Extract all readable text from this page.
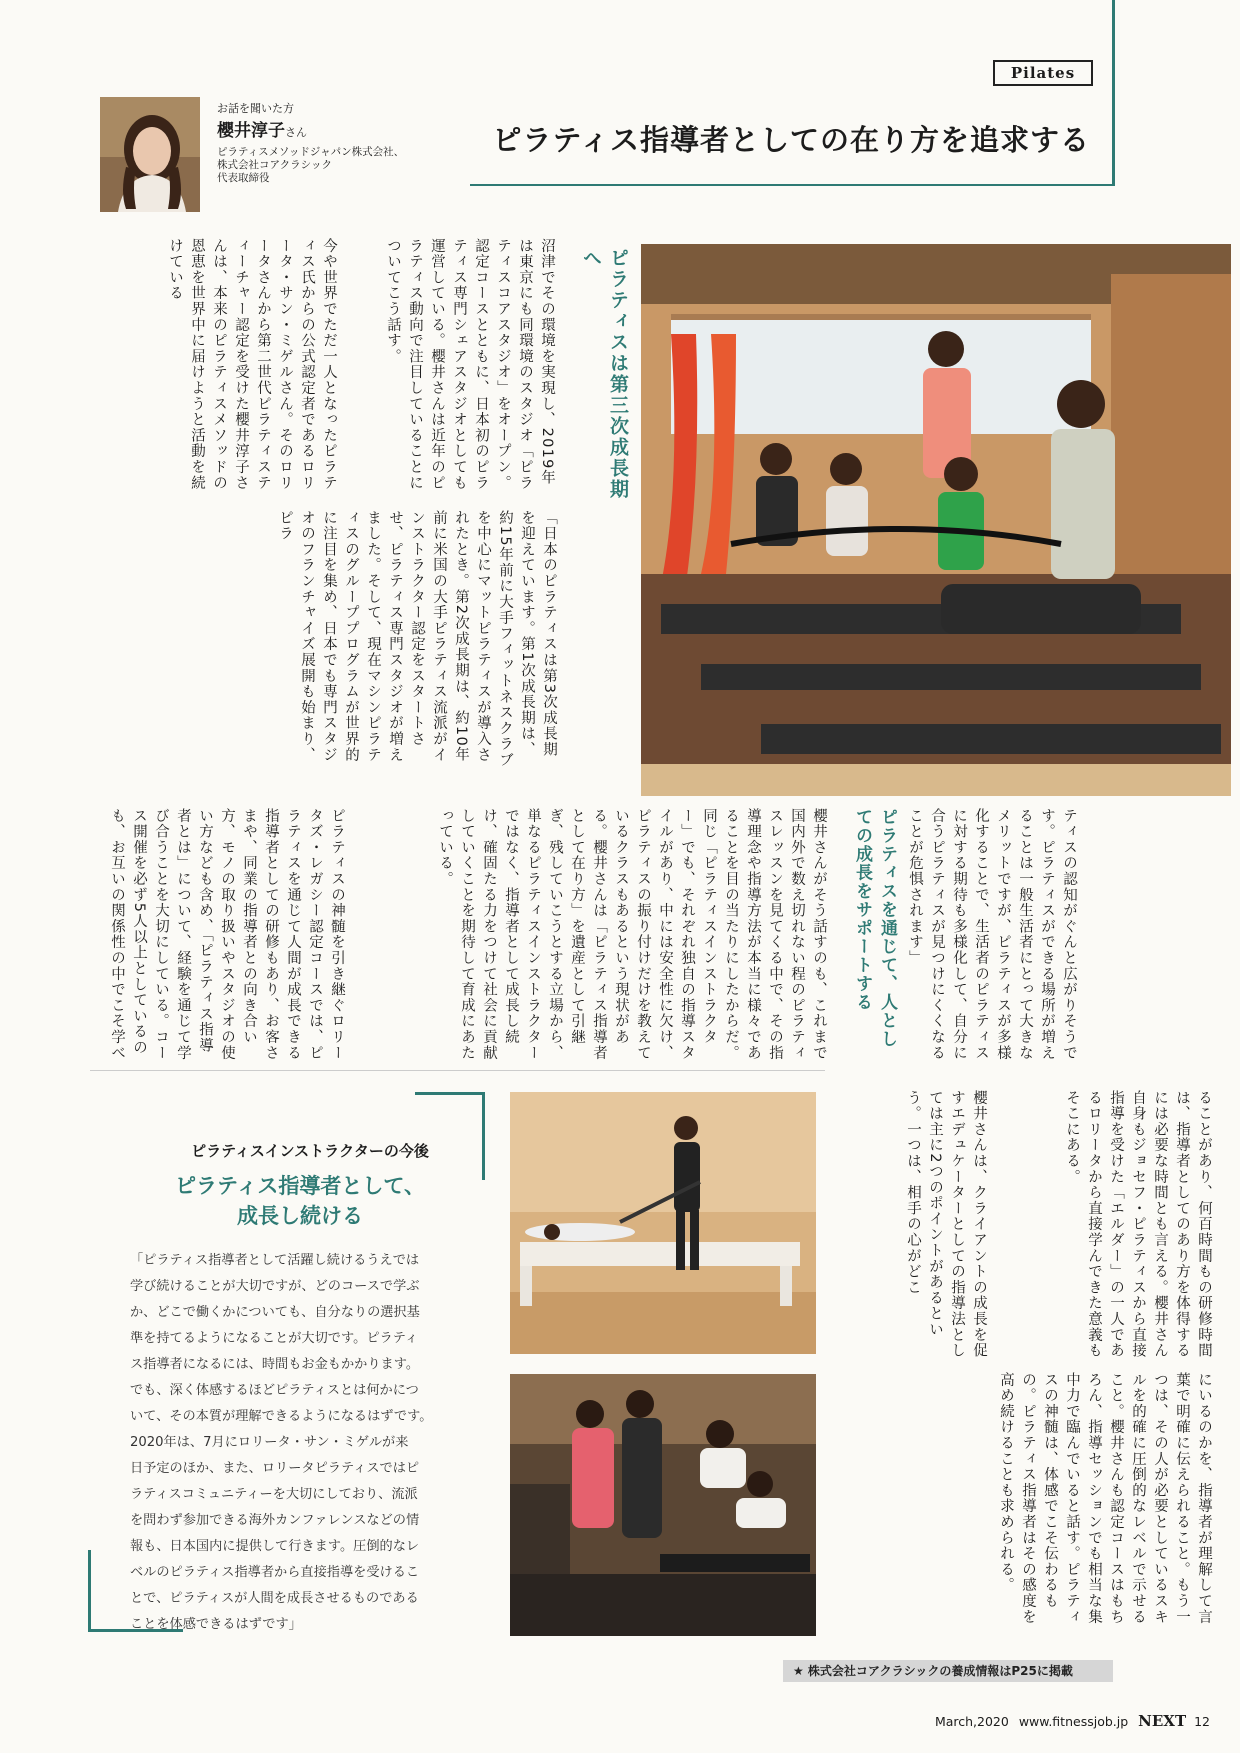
Pilates
お話を聞いた方
櫻井淳子さん
ピラティスメソッドジャパン株式会社、
株式会社コアクラシック
代表取締役
ピラティス指導者としての在り方を追求する
ピラティスは第三次成長期へ
今や世界でただ一人となったピラティス氏からの公式認定者であるロリータ・サン・ミゲルさん。そのロリータさんから第二世代ピラティスティーチャー認定を受けた櫻井淳子さんは、本来のピラティスメソッドの恩恵を世界中に届けようと活動を続けている
「日本のピラティスは第3次成長期を迎えています。第1次成長期は、約15年前に大手フィットネスクラブを中心にマットピラティスが導入されたとき。第2次成長期は、約10年前に米国の大手ピラティス流派がインストラクター認定をスタートさせ、ピラティス専門スタジオが増えました。そして、現在マシンピラティスのグループプログラムが世界的に注目を集め、日本でも専門スタジオのフランチャイズ展開も始まり、ピラ
沼津でその環境を実現し、2019年は東京にも同環境のスタジオ「ピラティスコアスタジオ」をオープン。認定コースとともに、日本初のピラティス専門シェアスタジオとしても運営している。櫻井さんは近年のピラティス動向で注目していることについてこう話す。
ティスの認知がぐんと広がりそうです。ピラティスができる場所が増えることは一般生活者にとって大きなメリットですが、ピラティスが多様化することで、生活者のピラティスに対する期待も多様化して、自分に合うピラティスが見つけにくくなることが危惧されます」
ピラティスを通じて、人としての成長をサポートする
櫻井さんがそう話すのも、これまで国内外で数え切れない程のピラティスレッスンを見てくる中で、その指導理念や指導方法が本当に様々であることを目の当たりにしたからだ。同じ「ピラティスインストラクター」でも、それぞれ独自の指導スタイルがあり、中には安全性に欠け、ピラティスの振り付けだけを教えているクラスもあるという現状がある。櫻井さんは「ピラティス指導者として在り方」を遺産として引継ぎ、残していこうとする立場から、単なるピラティスインストラクターではなく、指導者として成長し続け、確固たる力をつけて社会に貢献していくことを期待して育成にあたっている。
ピラティスの神髄を引き継ぐロリータズ・レガシー認定コースでは、ピラティスを通じて人間が成長できる指導者としての研修もあり、お客さまや、同業の指導者との向き合い方、モノの取り扱いやスタジオの使い方なども含め、「ピラティス指導者とは」について、経験を通じて学び合うことを大切にしている。コース開催を必ず5人以上としているのも、お互いの関係性の中でこそ学べ
ピラティスインストラクターの今後
ピラティス指導者として、
成長し続ける
「ピラティス指導者として活躍し続けるうえでは
学び続けることが大切ですが、どのコースで学ぶ
か、どこで働くかについても、自分なりの選択基
準を持てるようになることが大切です。ピラティ
ス指導者になるには、時間もお金もかかります。
でも、深く体感するほどピラティスとは何かにつ
いて、その本質が理解できるようになるはずです。
2020年は、7月にロリータ・サン・ミゲルが来
日予定のほか、また、ロリータピラティスではピ
ラティスコミュニティーを大切にしており、流派
を問わず参加できる海外カンファレンスなどの情
報も、日本国内に提供して行きます。圧倒的なレ
ベルのピラティス指導者から直接指導を受けるこ
とで、ピラティスが人間を成長させるものである
ことを体感できるはずです」
ることがあり、何百時間もの研修時間は、指導者としてのあり方を体得するには必要な時間とも言える。櫻井さん自身もジョセフ・ピラティスから直接指導を受けた「エルダー」の一人であるロリータから直接学んできた意義もそこにある。
櫻井さんは、クライアントの成長を促すエデュケーターとしての指導法としては主に2つのポイントがあるという。一つは、相手の心がどこ
にいるのかを、指導者が理解して言葉で明確に伝えられること。もう一つは、その人が必要としているスキルを的確に圧倒的なレベルで示せること。櫻井さんも認定コースはもちろん、指導セッションでも相当な集中力で臨んでいると話す。ピラティスの神髄は、体感でこそ伝わるもの。ピラティス指導者はその感度を高め続けることも求められる。
★ 株式会社コアクラシックの養成情報はP25に掲載
March,2020 www.fitnessjob.jp NEXT 12
